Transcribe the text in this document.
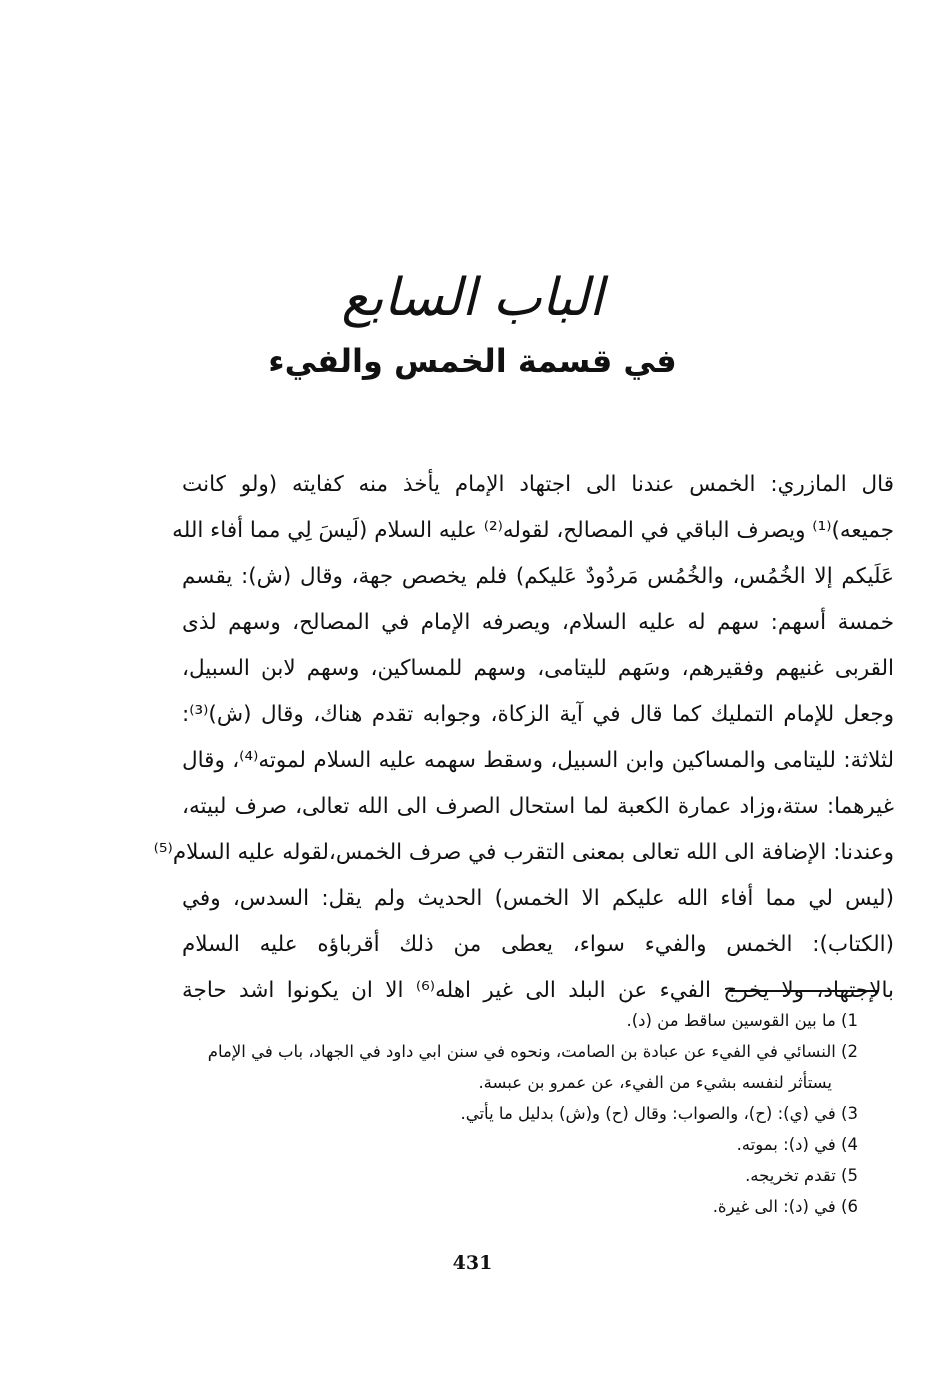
الباب السابع
في قسمة الخمس والفيء
قال المازري: الخمس عندنا الى اجتهاد الإمام يأخذ منه كفايته (ولو كانت
جميعه)⁽¹⁾ ويصرف الباقي في المصالح، لقوله⁽²⁾ عليه السلام (لَيسَ لِي مما أفاء الله
عَلَيكم إلا الخُمُس، والخُمُس مَردُودٌ عَليكم) فلم يخصص جهة، وقال (ش): يقسم
خمسة أسهم: سهم له عليه السلام، ويصرفه الإمام في المصالح، وسهم لذى
القربى غنيهم وفقيرهم، وسَهم لليتامى، وسهم للمساكين، وسهم لابن السبيل،
وجعل للإمام التمليك كما قال في آية الزكاة، وجوابه تقدم هناك، وقال (ش)⁽³⁾:
لثلاثة: لليتامى والمساكين وابن السبيل، وسقط سهمه عليه السلام لموته⁽⁴⁾، وقال
غيرهما: ستة،وزاد عمارة الكعبة لما استحال الصرف الى الله تعالى، صرف لبيته،
وعندنا: الإضافة الى الله تعالى بمعنى التقرب في صرف الخمس،لقوله عليه السلام⁽⁵⁾
(ليس لي مما أفاء الله عليكم الا الخمس) الحديث ولم يقل: السدس، وفي
(الكتاب): الخمس والفيء سواء، يعطى من ذلك أقرباؤه عليه السلام
بالإجتهاد، ولا يخرج الفيء عن البلد الى غير اهله⁽⁶⁾ الا ان يكونوا اشد حاجة
1) ما بين القوسين ساقط من (د).
2) النسائي في الفيء عن عبادة بن الصامت، ونحوه في سنن ابي داود في الجهاد، باب في الإمام
يستأثر لنفسه بشيء من الفيء، عن عمرو بن عبسة.
3) في (ي): (ح)، والصواب: وقال (ح) و(ش) بدليل ما يأتي.
4) في (د): بموته.
5) تقدم تخريجه.
6) في (د): الى غيرة.
431
